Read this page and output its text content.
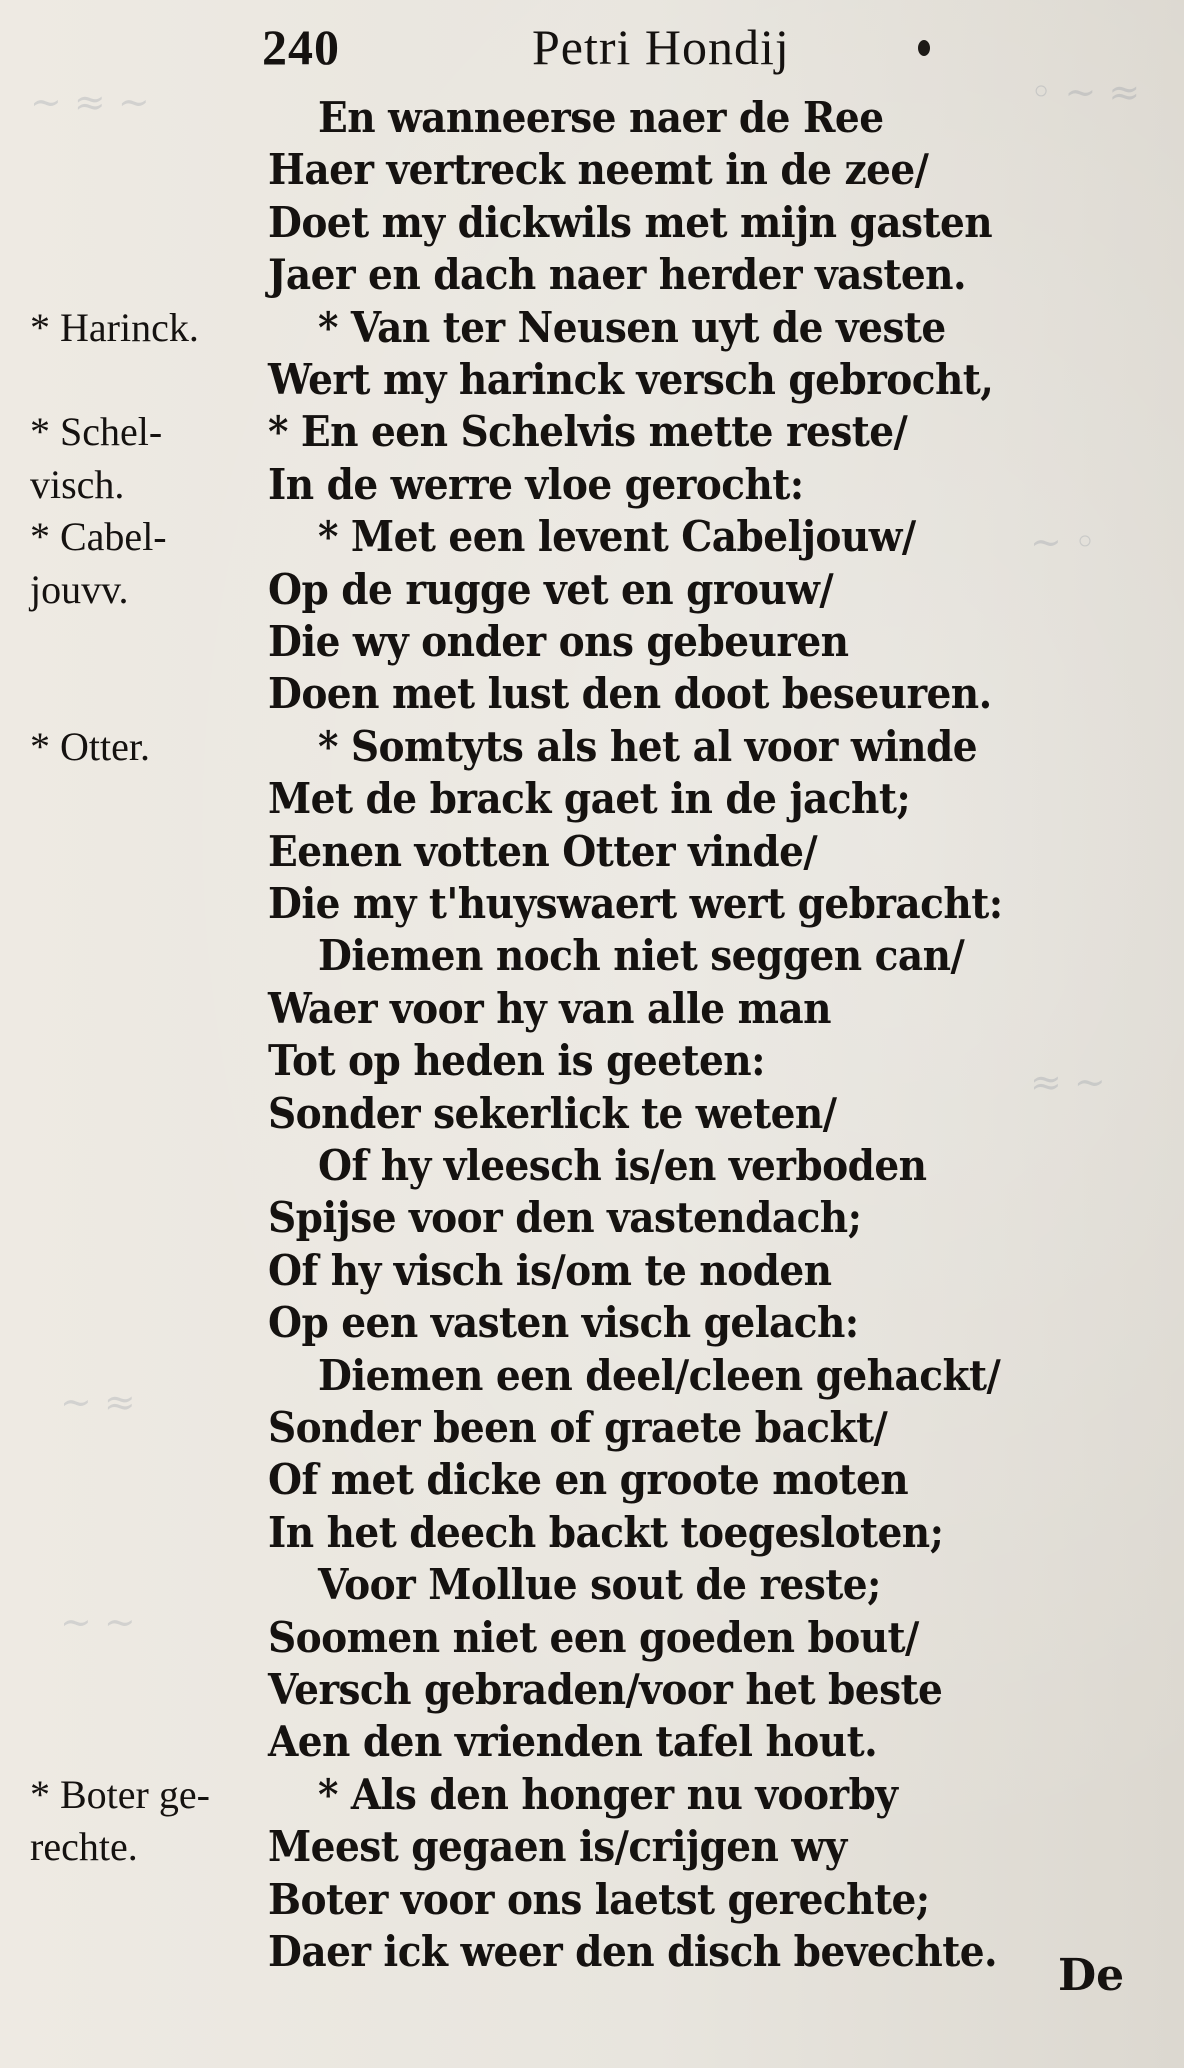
◦ ∼ ≈
∼ ◦
≈ ∼
∼ ≈ ∼
∼ ≈
∼ ∼
240	Petri Hondij
En wanneerse naer de Ree
Haer vertreck neemt in de zee/
Doet my dickwils met mijn gasten
Jaer en dach naer herder vasten.
* Van ter Neusen uyt de veste
Wert my harinck versch gebrocht,
* En een Schelvis mette reste/
In de werre vloe gerocht:
* Met een levent Cabeljouw/
Op de rugge vet en grouw/
Die wy onder ons gebeuren
Doen met lust den doot beseuren.
* Somtyts als het al voor winde
Met de brack gaet in de jacht;
Eenen votten Otter vinde/
Die my t'huyswaert wert gebracht:
Diemen noch niet seggen can/
Waer voor hy van alle man
Tot op heden is geeten:
Sonder sekerlick te weten/
Of hy vleesch is/en verboden
Spijse voor den vastendach;
Of hy visch is/om te noden
Op een vasten visch gelach:
Diemen een deel/cleen gehackt/
Sonder been of graete backt/
Of met dicke en groote moten
In het deech backt toegesloten;
Voor Mollue sout de reste;
Soomen niet een goeden bout/
Versch gebraden/voor het beste
Aen den vrienden tafel hout.
* Als den honger nu voorby
Meest gegaen is/crijgen wy
Boter voor ons laetst gerechte;
Daer ick weer den disch bevechte.
* Harinck.
* Schel-
visch.
* Cabel-
jouvv.
* Otter.
* Boter ge-
rechte.
De
